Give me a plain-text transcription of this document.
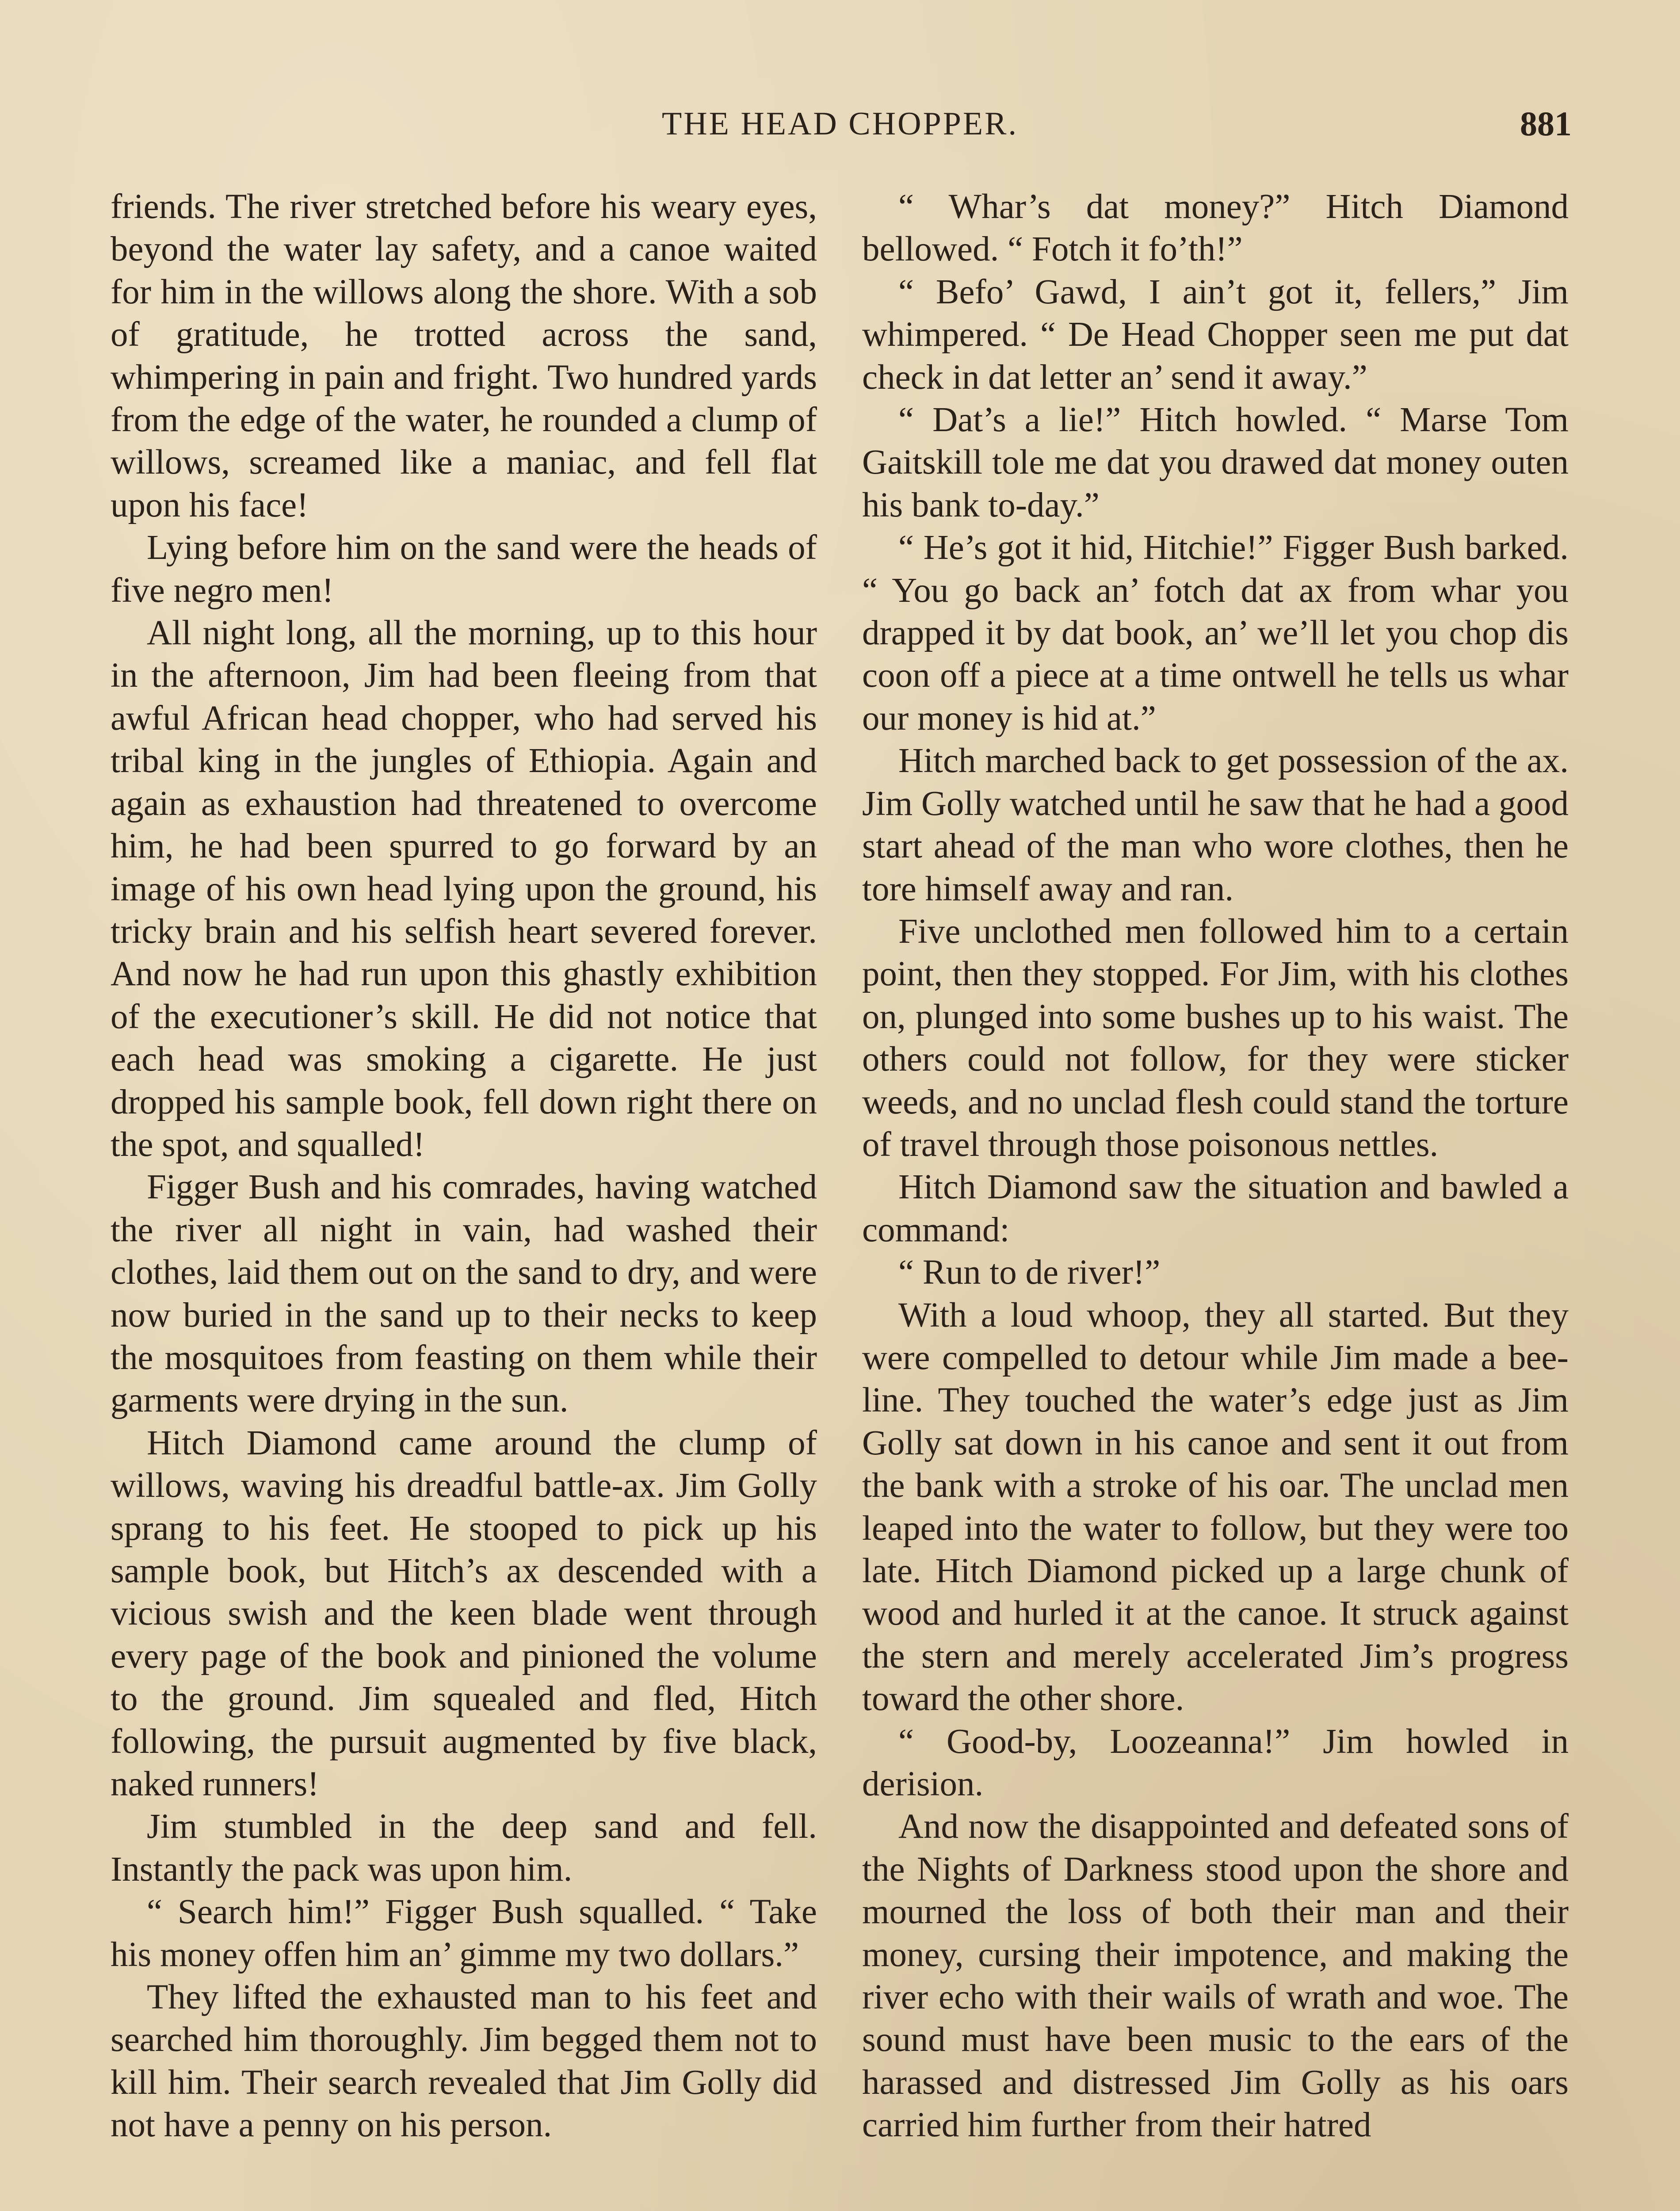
THE HEAD CHOPPER.	881

friends. The river stretched before his weary eyes, beyond the water lay safety, and a canoe waited for him in the willows along the shore. With a sob of gratitude, he trotted across the sand, whimpering in pain and fright. Two hundred yards from the edge of the water, he rounded a clump of willows, screamed like a maniac, and fell flat upon his face!

Lying before him on the sand were the heads of five negro men!

All night long, all the morning, up to this hour in the afternoon, Jim had been fleeing from that awful African head chopper, who had served his tribal king in the jungles of Ethiopia. Again and again as exhaustion had threatened to overcome him, he had been spurred to go forward by an image of his own head lying upon the ground, his tricky brain and his selfish heart severed forever. And now he had run upon this ghastly exhibition of the executioner’s skill. He did not notice that each head was smoking a cigarette. He just dropped his sample book, fell down right there on the spot, and squalled!

Figger Bush and his comrades, having watched the river all night in vain, had washed their clothes, laid them out on the sand to dry, and were now buried in the sand up to their necks to keep the mosquitoes from feasting on them while their garments were drying in the sun.

Hitch Diamond came around the clump of willows, waving his dreadful battle-ax. Jim Golly sprang to his feet. He stooped to pick up his sample book, but Hitch’s ax descended with a vicious swish and the keen blade went through every page of the book and pinioned the volume to the ground. Jim squealed and fled, Hitch following, the pursuit augmented by five black, naked runners!

Jim stumbled in the deep sand and fell. Instantly the pack was upon him.

“ Search him!” Figger Bush squalled. “ Take his money offen him an’ gimme my two dollars.”

They lifted the exhausted man to his feet and searched him thoroughly. Jim begged them not to kill him. Their search revealed that Jim Golly did not have a penny on his person.

“ Whar’s dat money?” Hitch Diamond bellowed. “ Fotch it fo’th!”

“ Befo’ Gawd, I ain’t got it, fellers,” Jim whimpered. “ De Head Chopper seen me put dat check in dat letter an’ send it away.”

“ Dat’s a lie!” Hitch howled. “ Marse Tom Gaitskill tole me dat you drawed dat money outen his bank to-day.”

“ He’s got it hid, Hitchie!” Figger Bush barked. “ You go back an’ fotch dat ax from whar you drapped it by dat book, an’ we’ll let you chop dis coon off a piece at a time ontwell he tells us whar our money is hid at.”

Hitch marched back to get possession of the ax. Jim Golly watched until he saw that he had a good start ahead of the man who wore clothes, then he tore himself away and ran.

Five unclothed men followed him to a certain point, then they stopped. For Jim, with his clothes on, plunged into some bushes up to his waist. The others could not follow, for they were sticker weeds, and no unclad flesh could stand the torture of travel through those poisonous nettles.

Hitch Diamond saw the situation and bawled a command:

“ Run to de river!”

With a loud whoop, they all started. But they were compelled to detour while Jim made a bee-line. They touched the water’s edge just as Jim Golly sat down in his canoe and sent it out from the bank with a stroke of his oar. The unclad men leaped into the water to follow, but they were too late. Hitch Diamond picked up a large chunk of wood and hurled it at the canoe. It struck against the stern and merely accelerated Jim’s progress toward the other shore.

“ Good-by, Loozeanna!” Jim howled in derision.

And now the disappointed and defeated sons of the Nights of Darkness stood upon the shore and mourned the loss of both their man and their money, cursing their impotence, and making the river echo with their wails of wrath and woe. The sound must have been music to the ears of the harassed and distressed Jim Golly as his oars carried him further from their hatred
